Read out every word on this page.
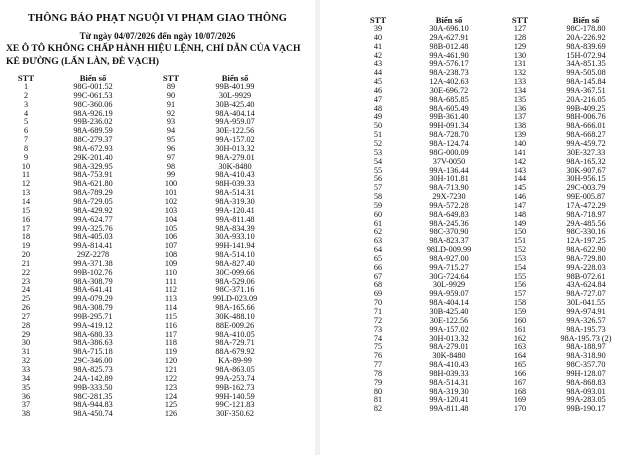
THÔNG BÁO PHẠT NGUỘI VI PHẠM GIAO THÔNG
Từ ngày 04/07/2026 đến ngày 10/07/2026
XE Ô TÔ KHÔNG CHẤP HÀNH HIỆU LỆNH, CHỈ DẪN CỦA VẠCH KẺ ĐƯỜNG (LẤN LÀN, ĐÈ VẠCH)
STT
1
2
3
4
5
6
7
8
9
10
11
12
13
14
15
16
17
18
19
20
21
22
23
24
25
26
27
28
29
30
31
32
33
34
35
36
37
38
Biển số
98G-001.52
99C-061.53
98C-360.06
98A-926.19
99B-236.02
98A-689.59
88C-279.37
98A-672.93
29K-201.40
98A-329.95
98A-753.91
98A-621.80
98A-789.29
98A-729.05
98A-429.92
99A-624.77
99A-325.76
98A-405.03
99A-814.41
29Z-2278
99A-371.38
99B-102.76
98A-308.79
98A-641.41
99A-079.29
98A-308.79
99B-295.71
99A-419.12
98A-680.33
98A-386.63
98A-715.18
29C-346.00
98A-825.73
24A-142.89
99B-333.50
98C-281.35
98A-944.83
98A-450.74
STT
89
90
91
92
93
94
95
96
97
98
99
100
101
102
103
104
105
106
107
108
109
110
111
112
113
114
115
116
117
118
119
120
121
122
123
124
125
126
Biển số
99B-401.99
30L-9929
30B-425.40
98A-404.14
99A-959.07
30E-122.56
99A-157.02
30H-013.32
98A-279.01
30K-8480
98A-410.43
98H-039.33
98A-514.31
98A-319.30
99A-120.41
99A-811.48
98A-834.39
30A-933.10
99H-141.94
98A-514.10
98A-827.40
30C-099.66
98A-529.06
98C-371.16
99LD-023.09
98A-165.66
30K-488.10
88E-009.26
98A-410.05
98A-729.71
88A-679.92
KA-89-99
98A-863.05
99A-253.74
99B-162.73
99H-140.59
99C-121.83
30F-350.62
STT
39
40
41
42
43
44
45
46
47
48
49
50
51
52
53
54
55
56
57
58
59
60
61
62
63
64
65
66
67
68
69
70
71
72
73
74
75
76
77
78
79
80
81
82
Biển số
30A-696.10
29A-627.91
98B-012.48
99A-461.90
99A-576.17
98A-238.73
12A-402.63
30E-696.72
98A-685.85
98A-605.49
99B-361.40
99H-091.34
98A-728.70
98A-124.74
98G-000.09
37V-0050
99A-136.44
30H-101.81
98A-713.90
29X-7230
99A-572.28
98A-649.83
98A-245.36
98C-370.90
98A-823.37
98LD-009.99
98A-927.00
99A-715.27
30G-724.64
30L-9929
99A-959.07
98A-404.14
30B-425.40
30E-122.56
99A-157.02
30H-013.32
98A-279.01
30K-8480
98A-410.43
98H-039.33
98A-514.31
98A-319.30
99A-120.41
99A-811.48
STT
127
128
129
130
131
132
133
134
135
136
137
138
139
140
141
142
143
144
145
146
147
148
149
150
151
152
153
154
155
156
157
158
159
160
161
162
163
164
165
166
167
168
169
170
Biển số
98C-178.80
20A-226.92
98A-839.69
15H-072.94
34A-851.35
99A-505.08
98A-145.84
99A-367.51
20A-216.05
99B-409.25
98H-006.76
98A-666.01
98A-668.27
99A-459.72
30E-327.33
98A-165.32
30K-907.67
30H-956.15
29C-003.79
99E-005.87
17A-472.29
98A-718.97
29A-485.56
98C-330.16
12A-197.25
98A-622.90
98A-729.80
99A-228.03
98B-072.61
43A-624.84
98A-727.07
30L-041.55
99A-974.91
99A-326.57
98A-195.73
98A-195.73 (2)
98A-188.97
98A-318.90
98C-357.70
99H-128.07
98A-868.83
98A-093.01
99A-283.05
99B-190.17
